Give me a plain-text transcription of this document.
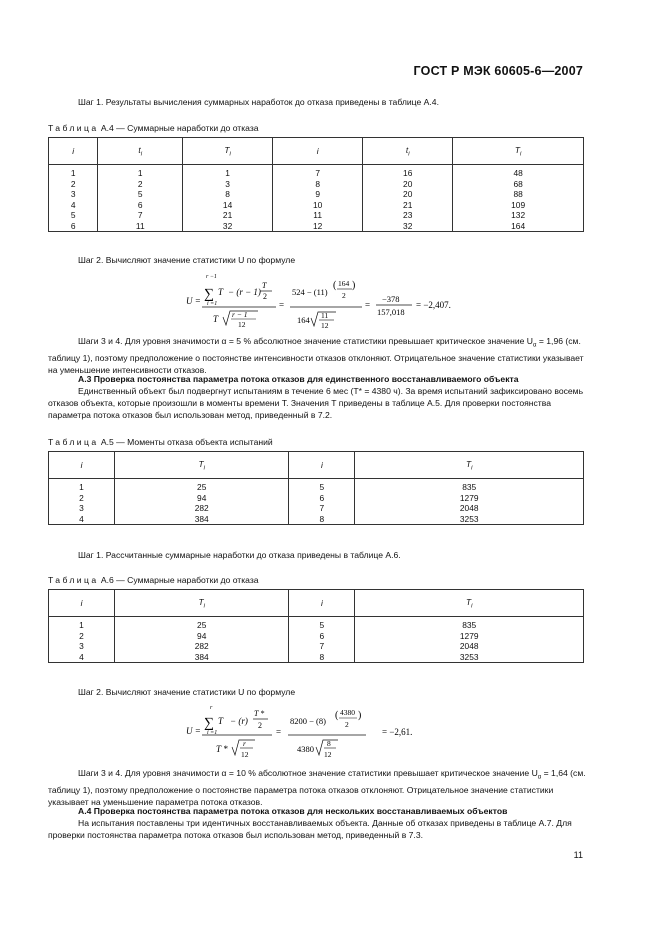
ГОСТ Р МЭК 60605-6—2007
Шаг 1. Результаты вычисления суммарных наработок до отказа приведены в таблице А.4.
Таблица А.4 — Суммарные наработки до отказа
i	$t_i$	$T_i$	i	$t_i$	$T_i$
1	1	1	7	16	48
2	2	3	8	20	68
3	5	8	9	20	88
4	6	14	10	21	109
5	7	21	11	23	132
6	11	32	12	32	164
Шаг 2. Вычисляют значение статистики U по формуле
U =
r −1
∑
i =1
T − (r − 1)
T
2
T r − 1
12
=
524 − (11)
( 164
2
)
164 11
12
=
−378
157,018
= −2,407.
Шаги 3 и 4. Для уровня значимости α = 5 % абсолютное значение статистики превышает критическое значение $U_\alpha = 1,96$ (см. таблицу 1), поэтому предположение о постоянстве интенсивности отказов отклоняют. Отрицательное значение статистики указывает на уменьшение интенсивности отказов.
А.3 Проверка постоянства параметра потока отказов для единственного восстанавливаемого объекта
Единственный объект был подвергнут испытаниям в течение 6 мес (T* = 4380 ч). За время испытаний зафиксировано восемь отказов объекта, которые произошли в моменты времени T. Значения T приведены в таблице А.5. Для проверки постоянства параметра потока отказов был использован метод, приведенный в 7.2.
Таблица А.5 — Моменты отказа объекта испытаний
i	$T_i$	i	$T_i$
1	25	5	835
2	94	6	1279
3	282	7	2048
4	384	8	3253
Шаг 1. Рассчитанные суммарные наработки до отказа приведены в таблице А.6.
Таблица А.6 — Суммарные наработки до отказа
i	$T_i$	i	$T_i$
1	25	5	835
2	94	6	1279
3	282	7	2048
4	384	8	3253
Шаг 2. Вычисляют значение статистики U по формуле
U =
r
∑
i =1
T − (r)
T *
2
T *
r
12
=
8200 − (8) ( 4380
2
)
4380
8
12
= −2,61.
Шаги 3 и 4. Для уровня значимости α = 10 % абсолютное значение статистики превышает критическое значение $U_\alpha = 1,64$ (см. таблицу 1), поэтому предположение о постоянстве параметра потока отказов отклоняют. Отрицательное значение статистики указывает на уменьшение параметра потока отказов.
А.4 Проверка постоянства параметра потока отказов для нескольких восстанавливаемых объектов
На испытания поставлены три идентичных восстанавливаемых объекта. Данные об отказах приведены в таблице А.7. Для проверки постоянства параметра потока отказов был использован метод, приведенный в 7.3.
11
